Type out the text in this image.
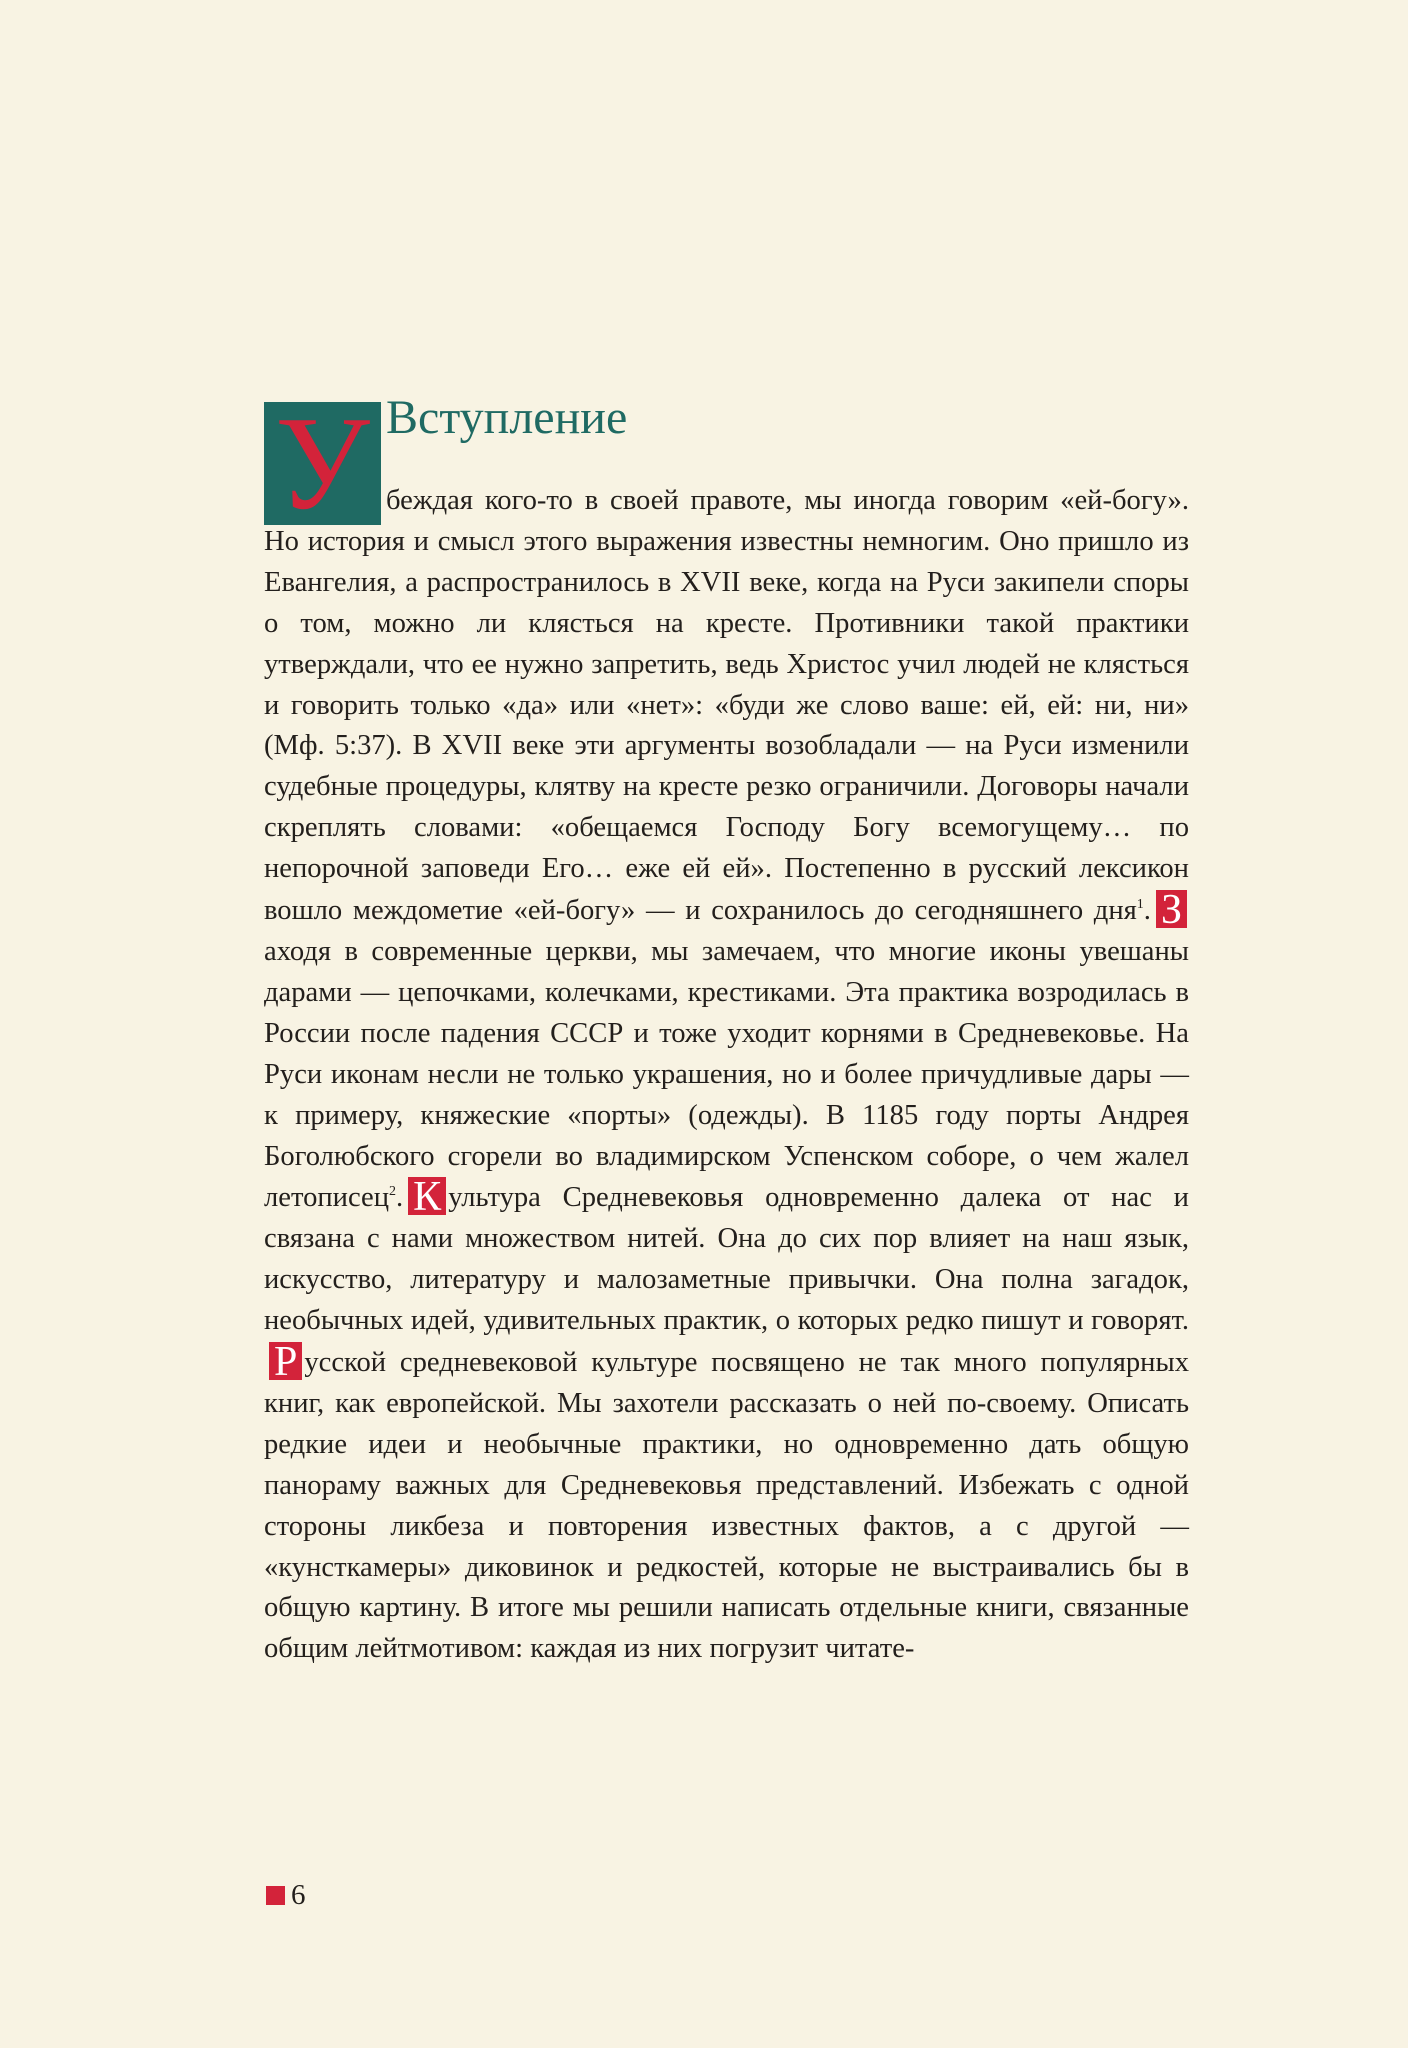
У Вступление

беждая кого-то в своей правоте, мы иногда говорим «ей-богу». Но история и смысл этого выражения известны немногим. Оно пришло из Евангелия, а распространилось в XVII веке, когда на Руси закипели споры о том, можно ли клясться на кресте. Противники такой практики утверждали, что ее нужно запретить, ведь Христос учил людей не клясться и говорить только «да» или «нет»: «буди же слово ваше: ей, ей: ни, ни» (Мф. 5:37). В XVII веке эти аргументы возобладали — на Руси изменили судебные процедуры, клятву на кресте резко ограничили. Договоры начали скреплять словами: «обещаемся Господу Богу всемогущему… по непорочной заповеди Его… еже ей ей». Постепенно в русский лексикон вошло междометие «ей-богу» — и сохранилось до сегодняшнего дня$^1$. Заходя в современные церкви, мы замечаем, что многие иконы увешаны дарами — цепочками, колечками, крестиками. Эта практика возродилась в России после падения СССР и тоже уходит корнями в Средневековье. На Руси иконам несли не только украшения, но и более причудливые дары — к примеру, княжеские «порты» (одежды). В 1185 году порты Андрея Боголюбского сгорели во владимирском Успенском соборе, о чем жалел летописец$^2$. К ультура Средневековья одновременно далека от нас и связана с нами множеством нитей. Она до сих пор влияет на наш язык, искусство, литературу и малозаметные привычки. Она полна загадок, необычных идей, удивительных практик, о которых редко пишут и говорят.Р усской средневековой культуре посвящено не так много популярных книг, как европейской. Мы захотели рассказать о ней по-своему. Описать редкие идеи и необычные практики, но одновременно дать общую панораму важных для Средневековья представлений. Избежать с одной стороны ликбеза и повторения известных фактов, а с другой — «кунсткамеры» диковинок и редкостей, которые не выстраивались бы в общую картину. В итоге мы решили написать отдельные книги, связанные общим лейтмотивом: каждая из них погрузит читате-

6
